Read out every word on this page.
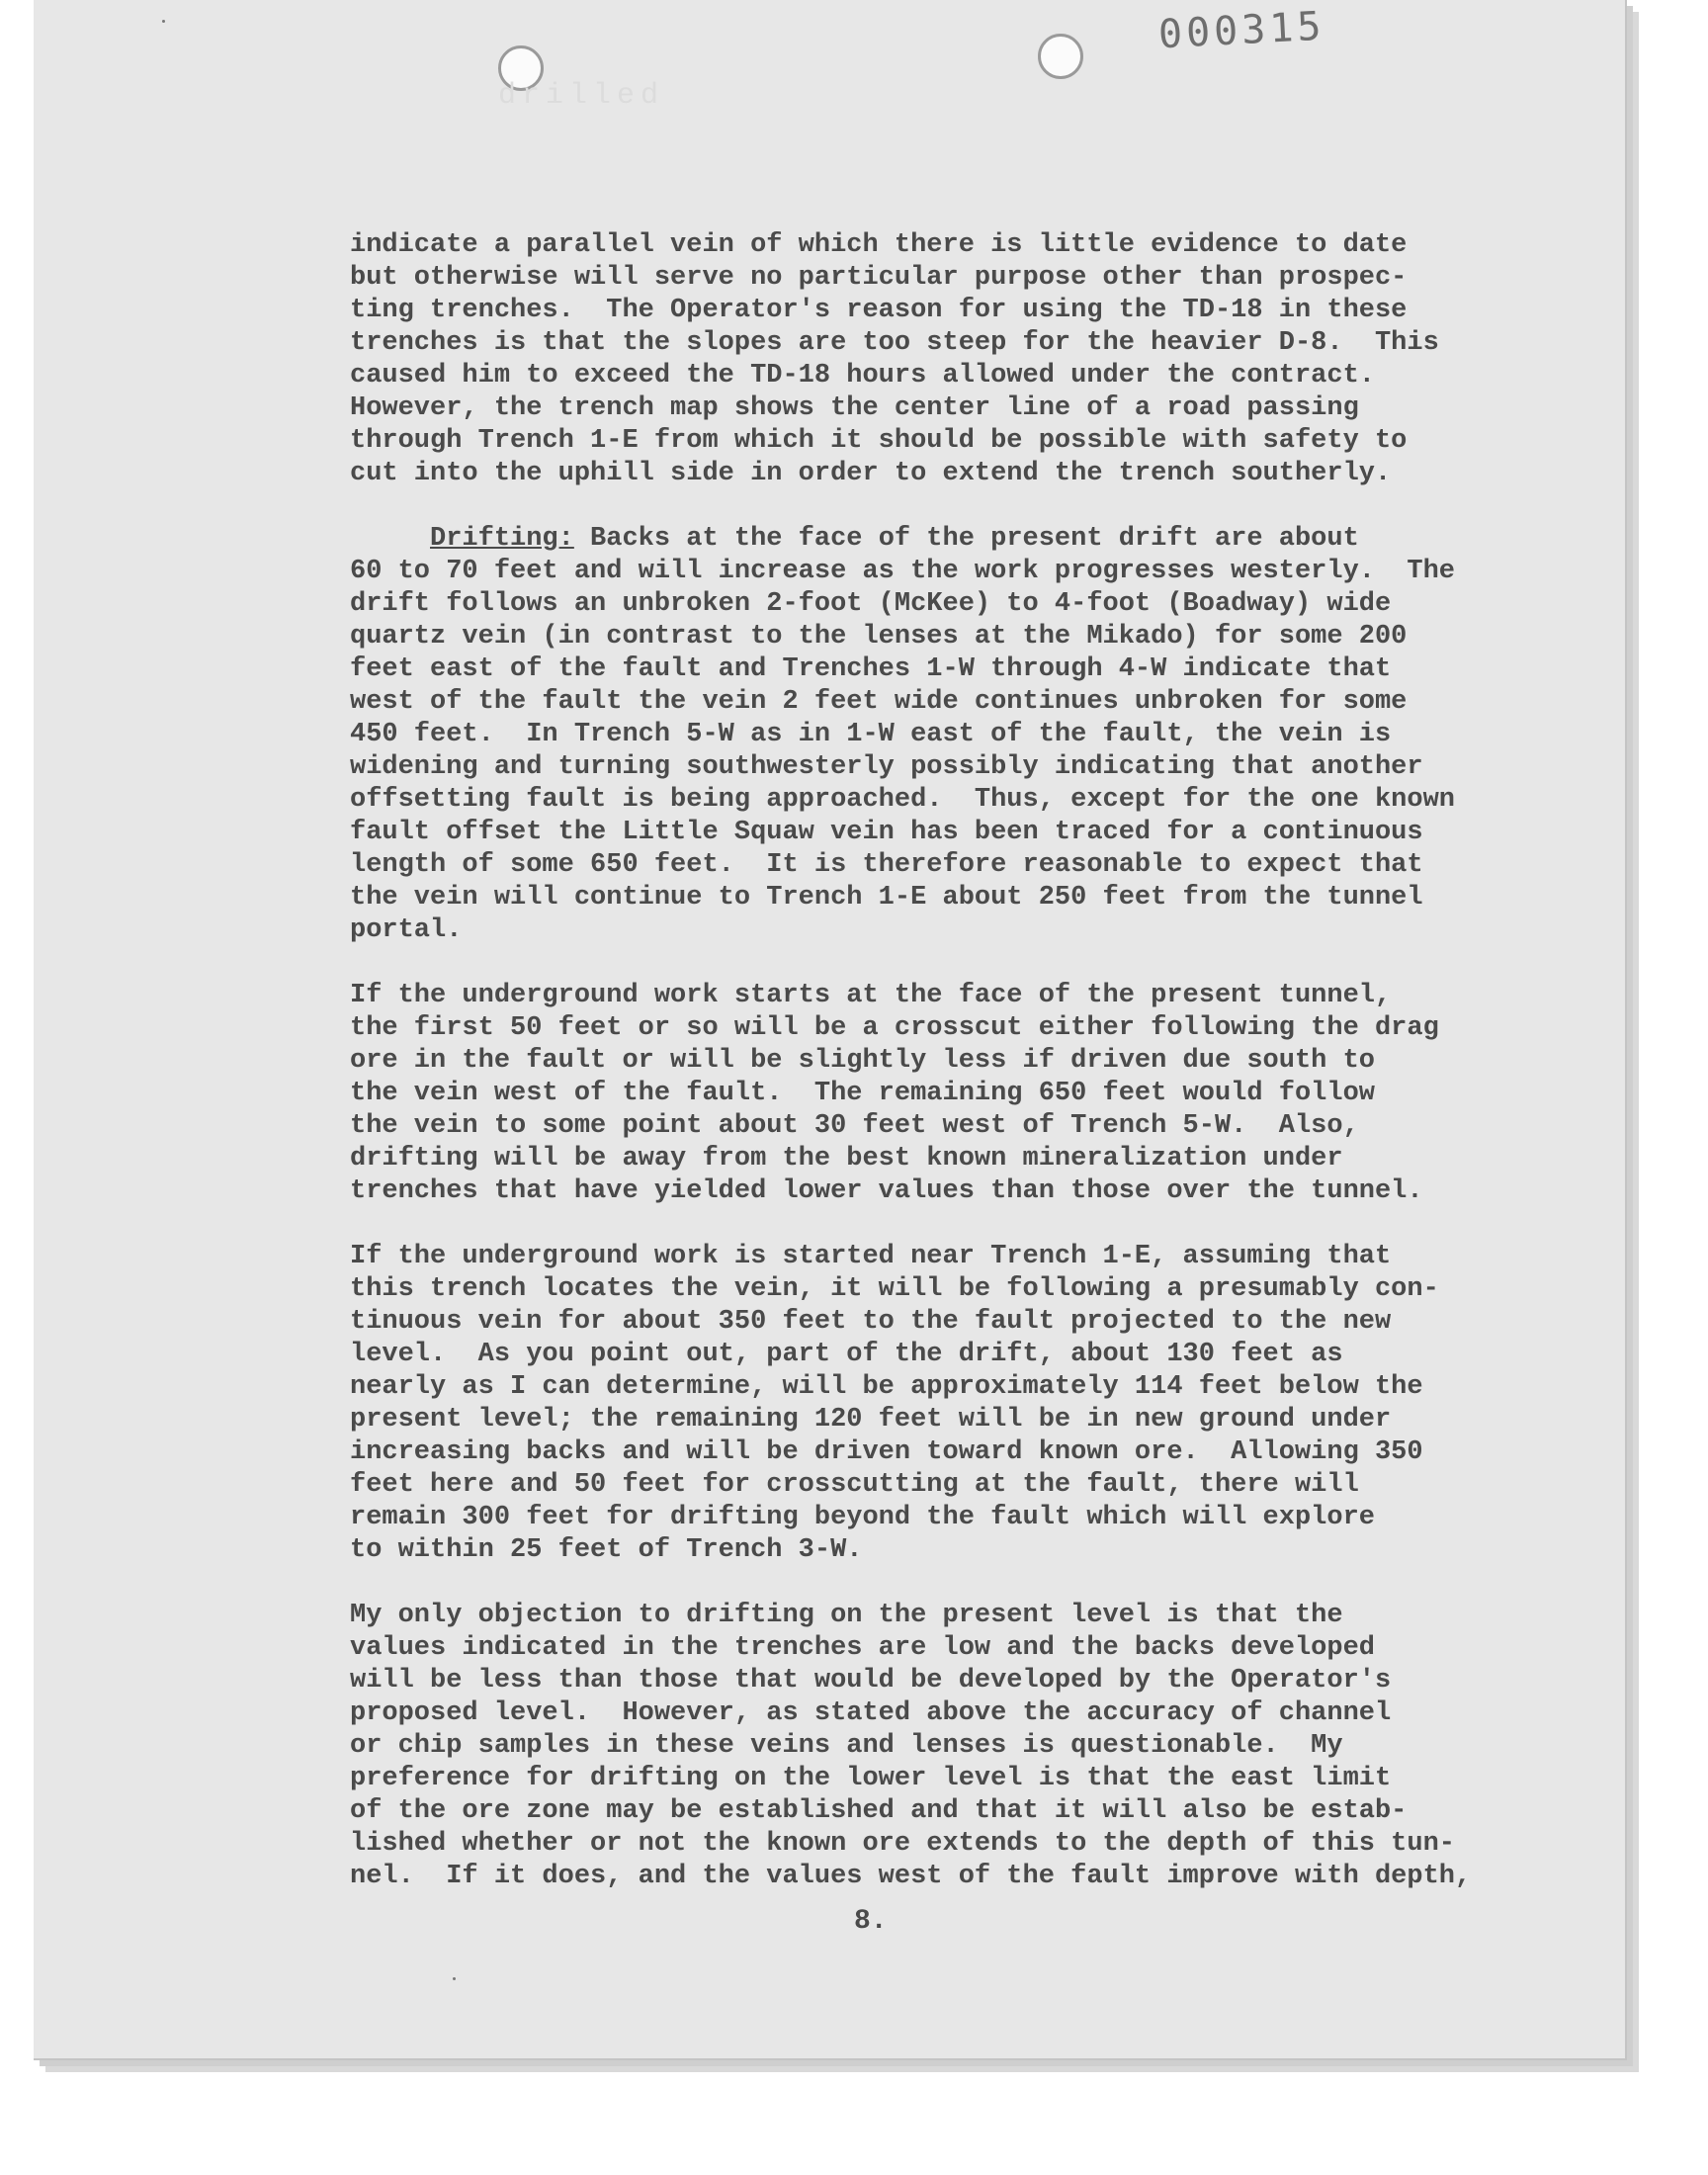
000315
drilled
indicate a parallel vein of which there is little evidence to date
but otherwise will serve no particular purpose other than prospec-
ting trenches.  The Operator's reason for using the TD-18 in these
trenches is that the slopes are too steep for the heavier D-8.  This
caused him to exceed the TD-18 hours allowed under the contract.
However, the trench map shows the center line of a road passing
through Trench 1-E from which it should be possible with safety to
cut into the uphill side in order to extend the trench southerly.
Drifting: Backs at the face of the present drift are about
60 to 70 feet and will increase as the work progresses westerly.  The
drift follows an unbroken 2-foot (McKee) to 4-foot (Boadway) wide
quartz vein (in contrast to the lenses at the Mikado) for some 200
feet east of the fault and Trenches 1-W through 4-W indicate that
west of the fault the vein 2 feet wide continues unbroken for some
450 feet.  In Trench 5-W as in 1-W east of the fault, the vein is
widening and turning southwesterly possibly indicating that another
offsetting fault is being approached.  Thus, except for the one known
fault offset the Little Squaw vein has been traced for a continuous
length of some 650 feet.  It is therefore reasonable to expect that
the vein will continue to Trench 1-E about 250 feet from the tunnel
portal.
If the underground work starts at the face of the present tunnel,
the first 50 feet or so will be a crosscut either following the drag
ore in the fault or will be slightly less if driven due south to
the vein west of the fault.  The remaining 650 feet would follow
the vein to some point about 30 feet west of Trench 5-W.  Also,
drifting will be away from the best known mineralization under
trenches that have yielded lower values than those over the tunnel.
If the underground work is started near Trench 1-E, assuming that
this trench locates the vein, it will be following a presumably con-
tinuous vein for about 350 feet to the fault projected to the new
level.  As you point out, part of the drift, about 130 feet as
nearly as I can determine, will be approximately 114 feet below the
present level; the remaining 120 feet will be in new ground under
increasing backs and will be driven toward known ore.  Allowing 350
feet here and 50 feet for crosscutting at the fault, there will
remain 300 feet for drifting beyond the fault which will explore
to within 25 feet of Trench 3-W.
My only objection to drifting on the present level is that the
values indicated in the trenches are low and the backs developed
will be less than those that would be developed by the Operator's
proposed level.  However, as stated above the accuracy of channel
or chip samples in these veins and lenses is questionable.  My
preference for drifting on the lower level is that the east limit
of the ore zone may be established and that it will also be estab-
lished whether or not the known ore extends to the depth of this tun-
nel.  If it does, and the values west of the fault improve with depth,
8.
